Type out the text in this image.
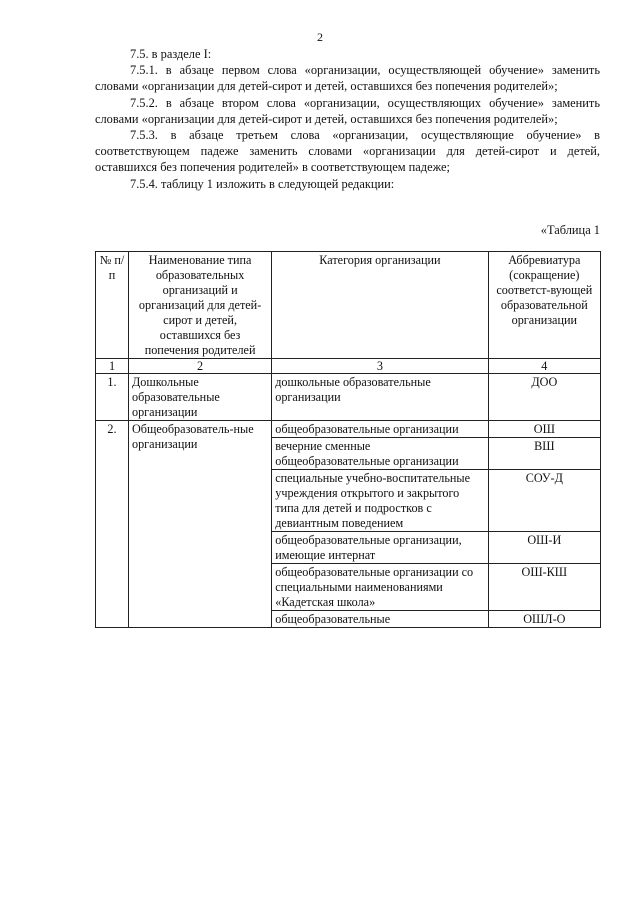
2

7.5. в разделе I:

7.5.1. в абзаце первом слова «организации, осуществляющей обучение» заменить словами «организации для детей-сирот и детей, оставшихся без попечения родителей»;

7.5.2. в абзаце втором слова «организации, осуществляющих обучение» заменить словами «организации для детей-сирот и детей, оставшихся без попечения родителей»;

7.5.3. в абзаце третьем слова «организации, осуществляющие обучение» в соответствующем падеже заменить словами «организации для детей-сирот и детей, оставшихся без попечения родителей» в соответствующем падеже;

7.5.4. таблицу 1 изложить в следующей редакции:

«Таблица 1
№ п/п	Наименование типа образовательных организаций и организаций для детей-сирот и детей, оставшихся без попечения родителей	Категория организации	Аббревиатура (сокращение) соответст-вующей образовательной организации
1	2	3	4
1.	Дошкольные образовательные организации	дошкольные образовательные организации	ДОО
2.	Общеобразователь-ные организации	общеобразовательные организации	ОШ
		вечерние сменные общеобразовательные организации	ВШ
		специальные учебно-воспитательные учреждения открытого и закрытого типа для детей и подростков с девиантным поведением	СОУ-Д
		общеобразовательные организации, имеющие интернат	ОШ-И
		общеобразовательные организации со специальными наименованиями «Кадетская школа»	ОШ-КШ
		общеобразовательные	ОШЛ-О
